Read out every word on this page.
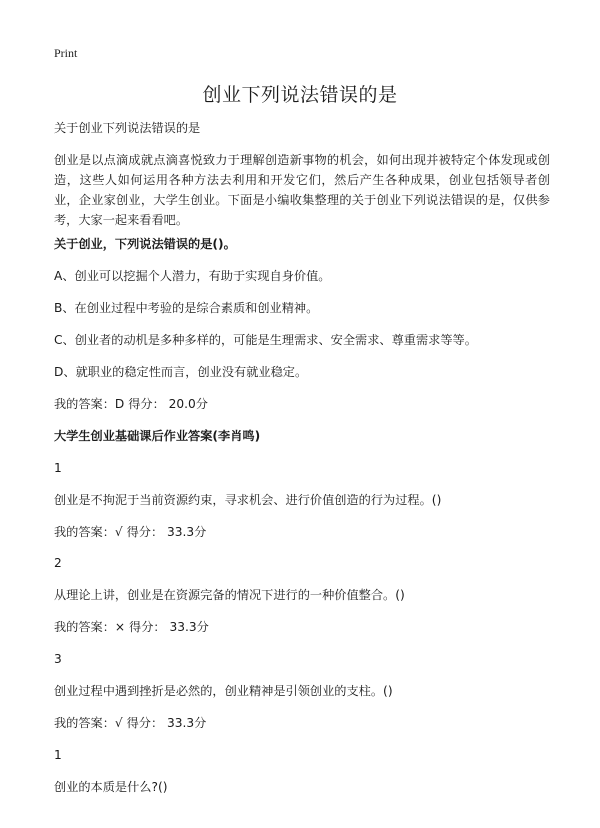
Print
创业下列说法错误的是
关于创业下列说法错误的是
创业是以点滴成就点滴喜悦致力于理解创造新事物的机会，如何出现并被特定个体发现或创造，这些人如何运用各种方法去利用和开发它们，然后产生各种成果，创业包括领导者创业，企业家创业，大学生创业。下面是小编收集整理的关于创业下列说法错误的是，仅供参考，大家一起来看看吧。
关于创业，下列说法错误的是()。
A、创业可以挖掘个人潜力，有助于实现自身价值。
B、在创业过程中考验的是综合素质和创业精神。
C、创业者的动机是多种多样的，可能是生理需求、安全需求、尊重需求等等。
D、就职业的稳定性而言，创业没有就业稳定。
我的答案：D 得分： 20.0分
大学生创业基础课后作业答案(李肖鸣)
1
创业是不拘泥于当前资源约束，寻求机会、进行价值创造的行为过程。()
我的答案：√ 得分： 33.3分
2
从理论上讲，创业是在资源完备的情况下进行的一种价值整合。()
我的答案：× 得分： 33.3分
3
创业过程中遇到挫折是必然的，创业精神是引领创业的支柱。()
我的答案：√ 得分： 33.3分
1
创业的本质是什么?()
